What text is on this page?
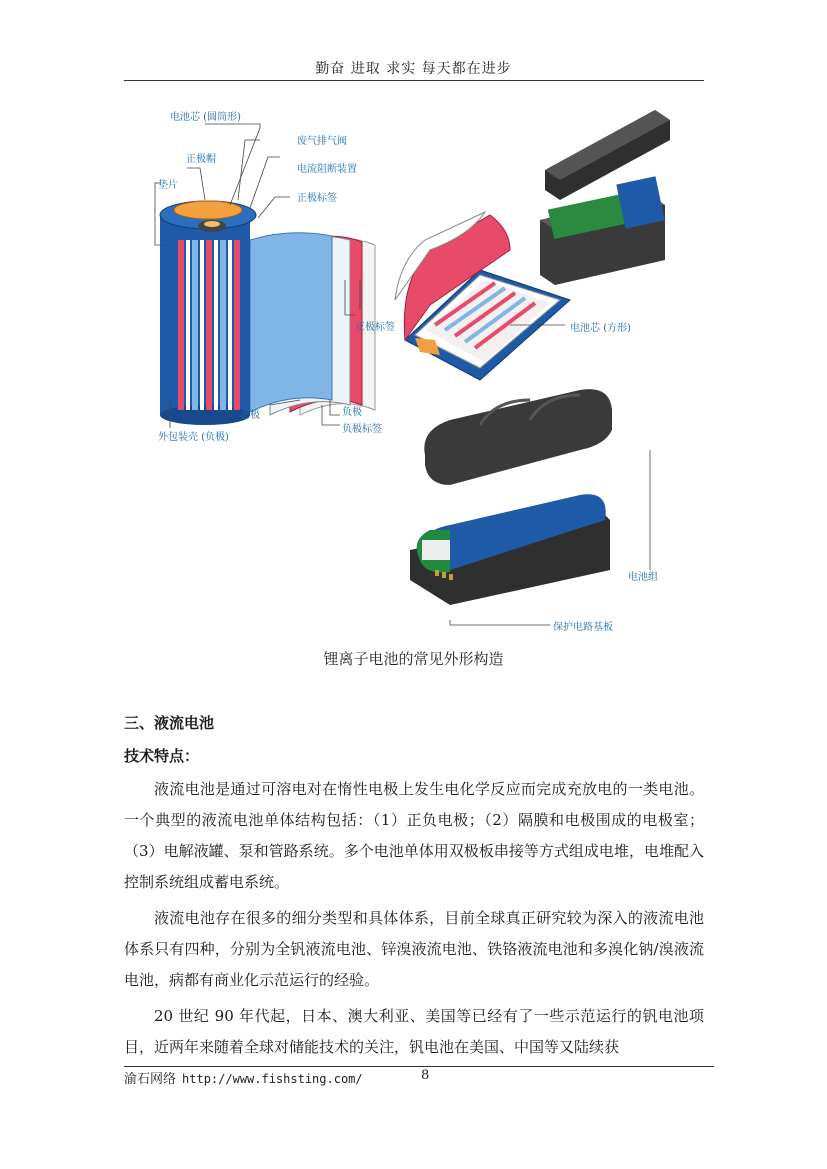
勤奋 进取 求实 每天都在进步
电池芯 (圆筒形)
废气排气阀
正极帽
电流阻断装置
垫片
正极标签
正极标签	电池芯 (方形)
正极	负极
负极标签
外包装壳 (负极)
电池组
保护电路基板
锂离子电池的常见外形构造
三、液流电池
技术特点：
液流电池是通过可溶电对在惰性电极上发生电化学反应而完成充放电的一类电池。一个典型的液流电池单体结构包括：（1）正负电极；（2）隔膜和电极围成的电极室；（3）电解液罐、泵和管路系统。多个电池单体用双极板串接等方式组成电堆，电堆配入控制系统组成蓄电系统。
液流电池存在很多的细分类型和具体体系，目前全球真正研究较为深入的液流电池体系只有四种，分别为全钒液流电池、锌溴液流电池、铁铬液流电池和多溴化钠/溴液流电池，病都有商业化示范运行的经验。
20 世纪 90 年代起，日本、澳大利亚、美国等已经有了一些示范运行的钒电池项目，近两年来随着全球对储能技术的关注，钒电池在美国、中国等又陆续获
渝石网络 http://www.fishsting.com/	8
